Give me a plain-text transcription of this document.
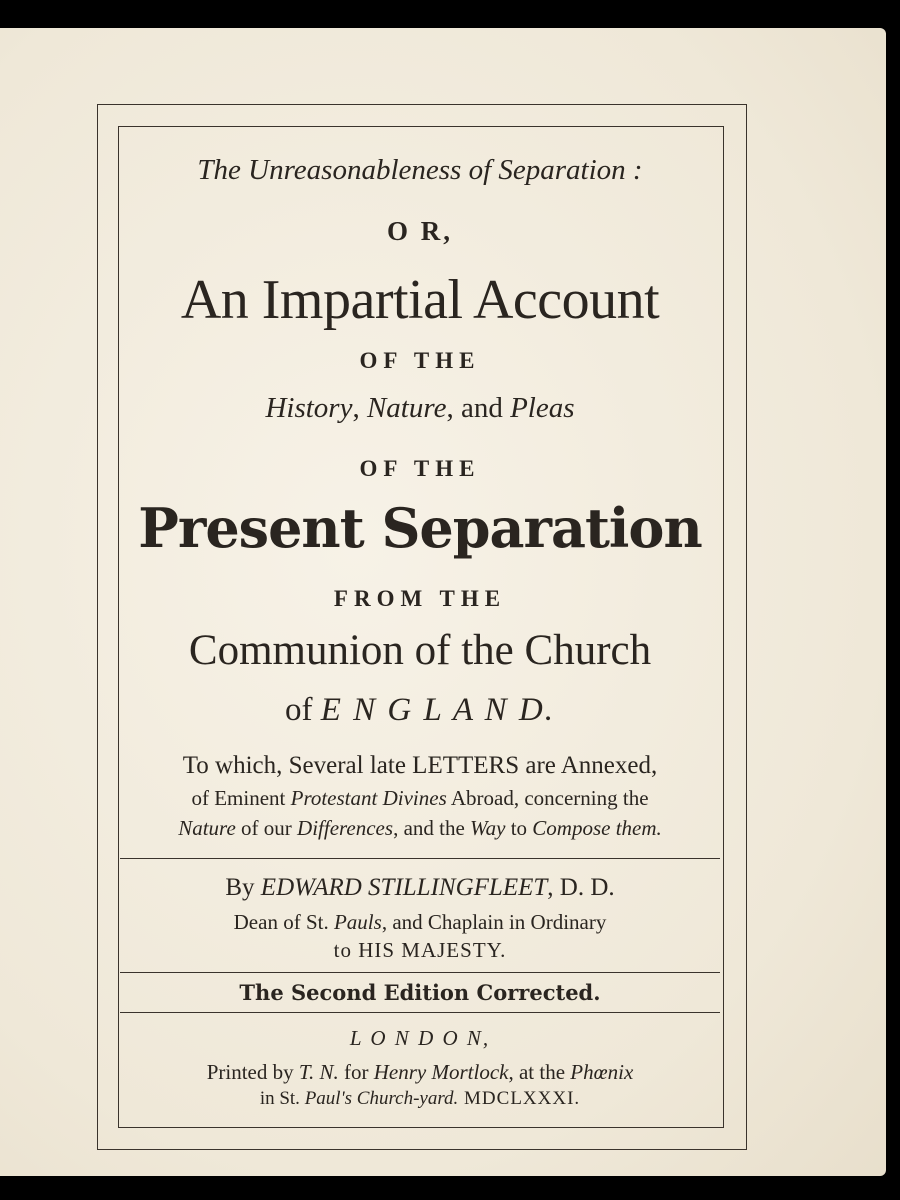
The Unreasonableness of Separation :
O R,
An Impartial Account
OF THE
History, Nature, and Pleas
OF THE
Present Separation
FROM THE
Communion of the Church
of E N G L A N D.
To which, Several late LETTERS are Annexed,
of Eminent Protestant Divines Abroad, concerning the
Nature of our Differences, and the Way to Compose them.
By EDWARD STILLINGFLEET, D. D.
Dean of St. Pauls, and Chaplain in Ordinary
to HIS MAJESTY.
The Second Edition Corrected.
L O N D O N,
Printed by T. N. for Henry Mortlock, at the Phœnix
in St. Paul's Church-yard. MDCLXXXI.
